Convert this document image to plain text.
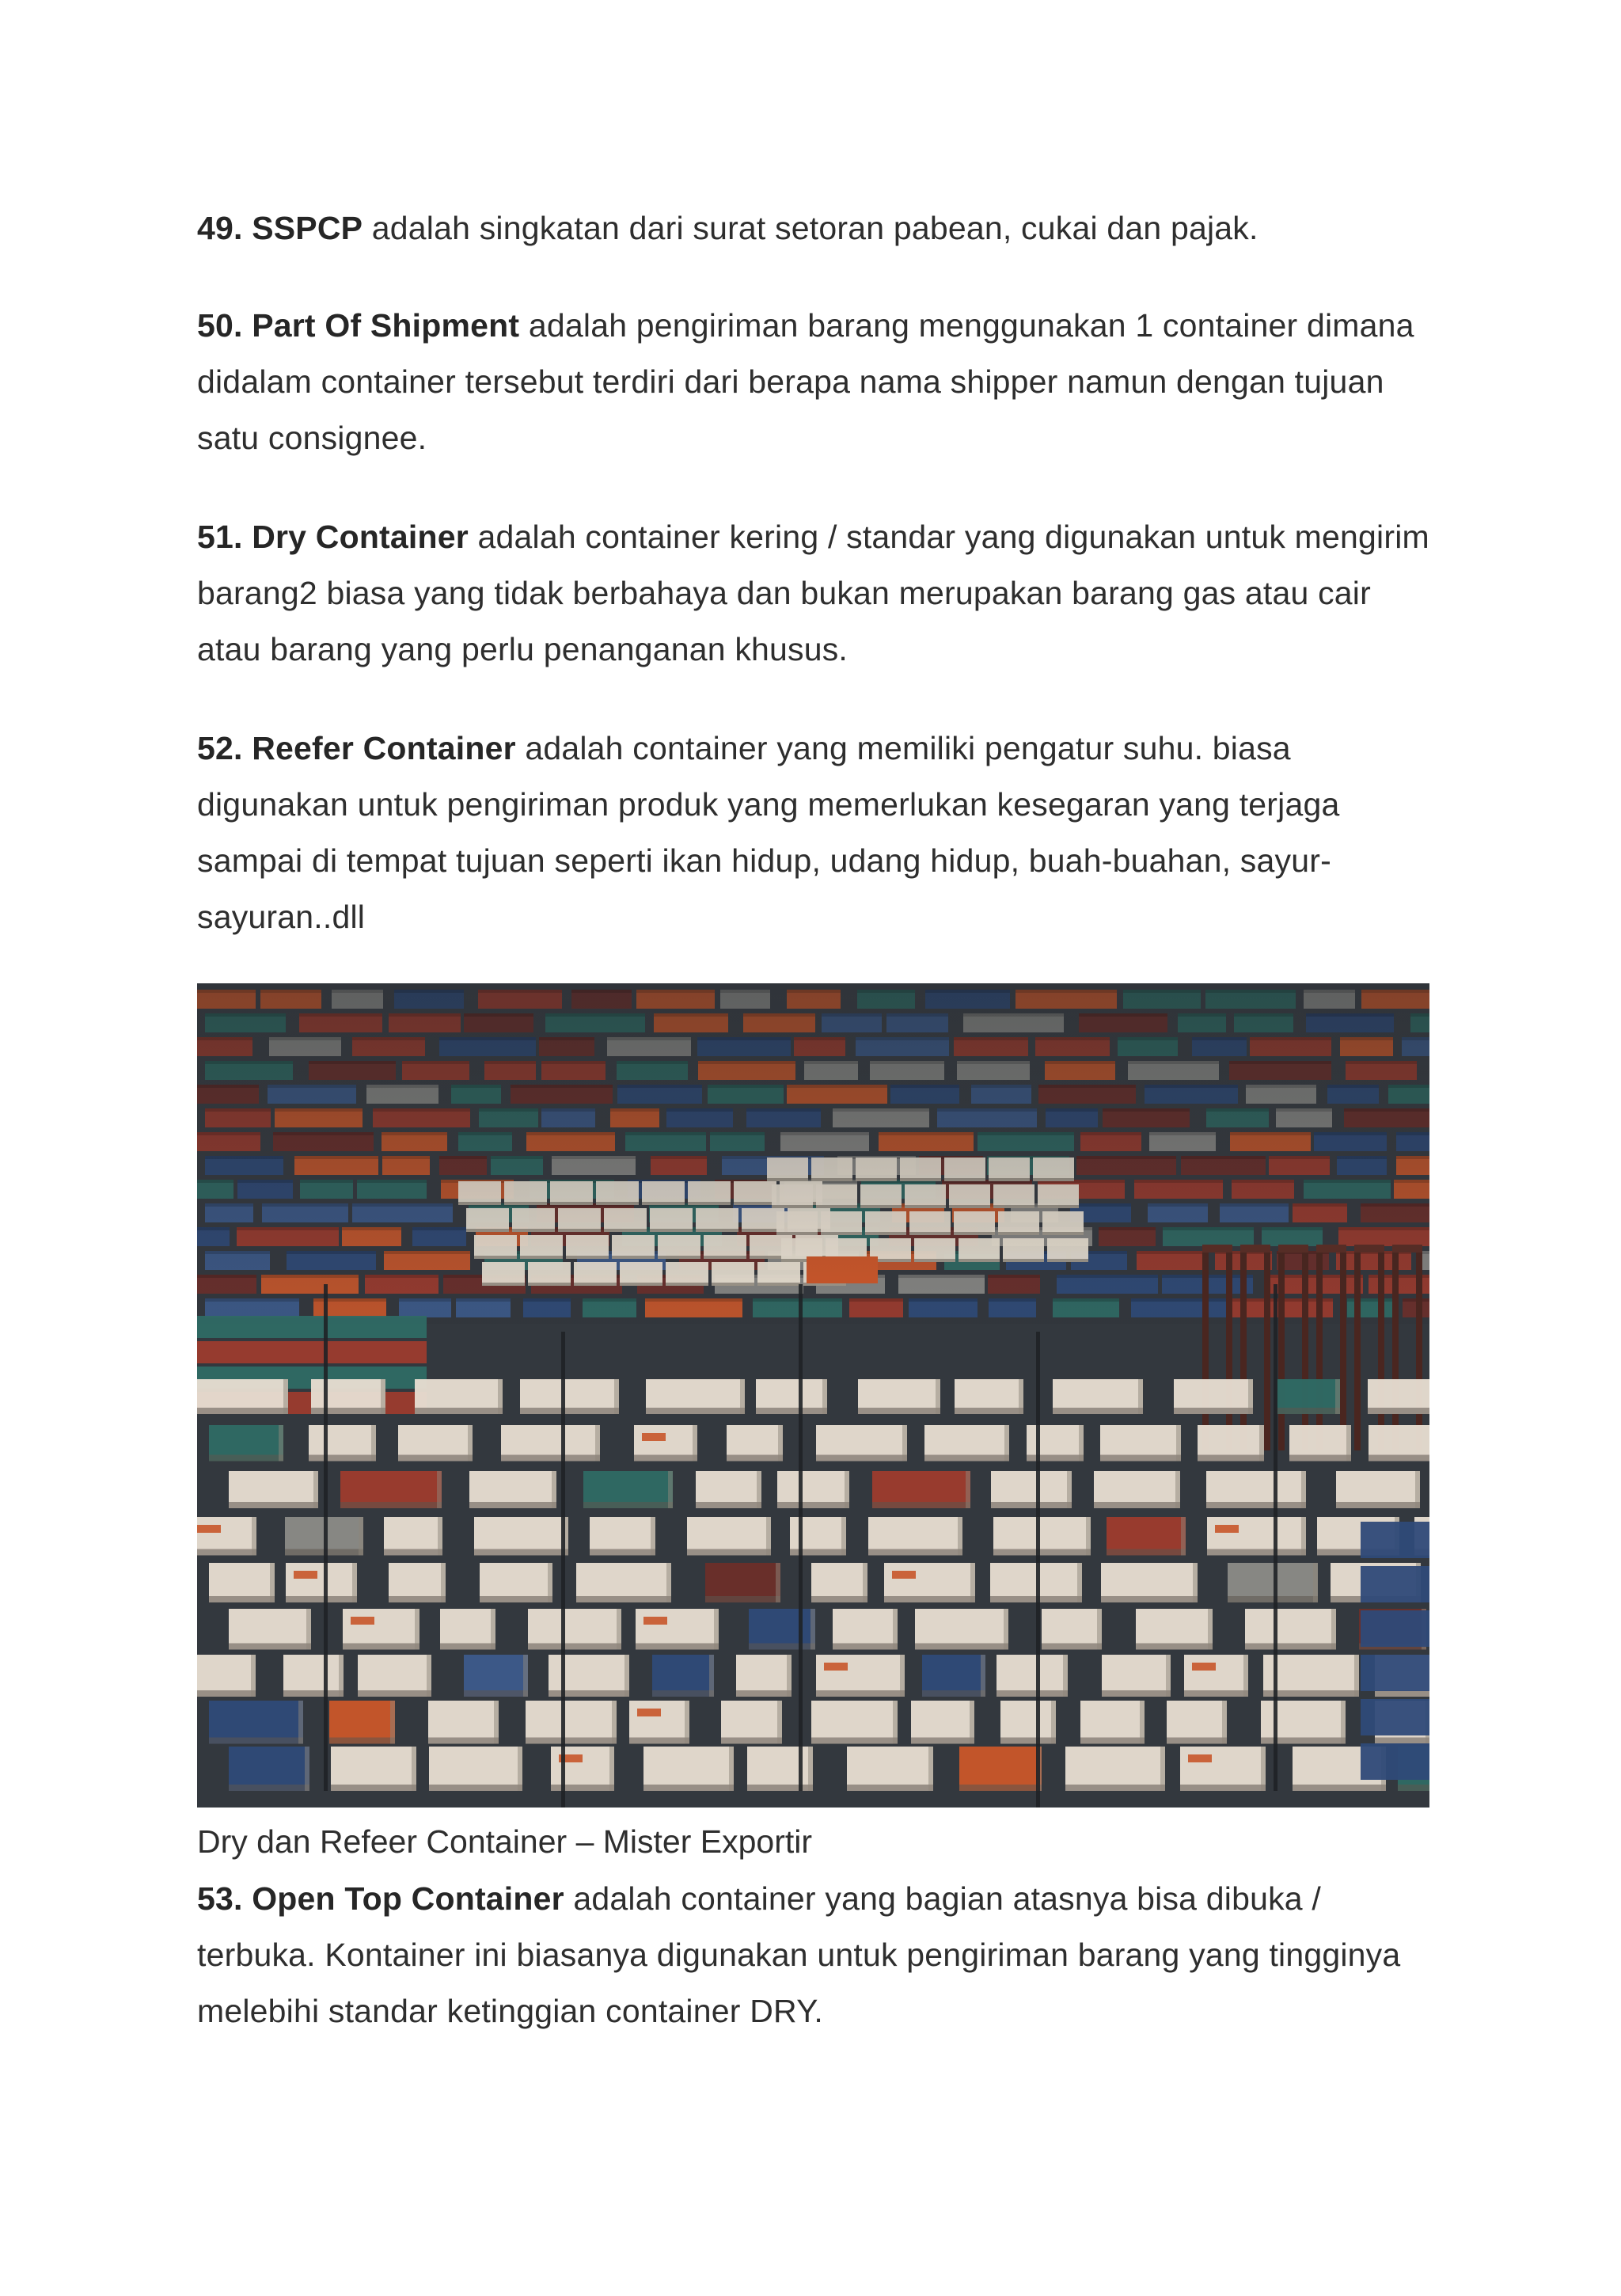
49. SSPCP adalah singkatan dari surat setoran pabean, cukai dan pajak.

50. Part Of Shipment adalah pengiriman barang menggunakan 1 container dimana didalam container tersebut terdiri dari berapa nama shipper namun dengan tujuan satu consignee.

51. Dry Container adalah container kering / standar yang digunakan untuk mengirim barang2 biasa yang tidak berbahaya dan bukan merupakan barang gas atau cair atau barang yang perlu penanganan khusus.

52. Reefer Container adalah container yang memiliki pengatur suhu. biasa digunakan untuk pengiriman produk yang memerlukan kesegaran yang terjaga sampai di tempat tujuan seperti ikan hidup, udang hidup, buah-buahan, sayur-sayuran..dll

Dry dan Refeer Container – Mister Exportir

53. Open Top Container adalah container yang bagian atasnya bisa dibuka / terbuka. Kontainer ini biasanya digunakan untuk pengiriman barang yang tingginya melebihi standar ketinggian container DRY.
